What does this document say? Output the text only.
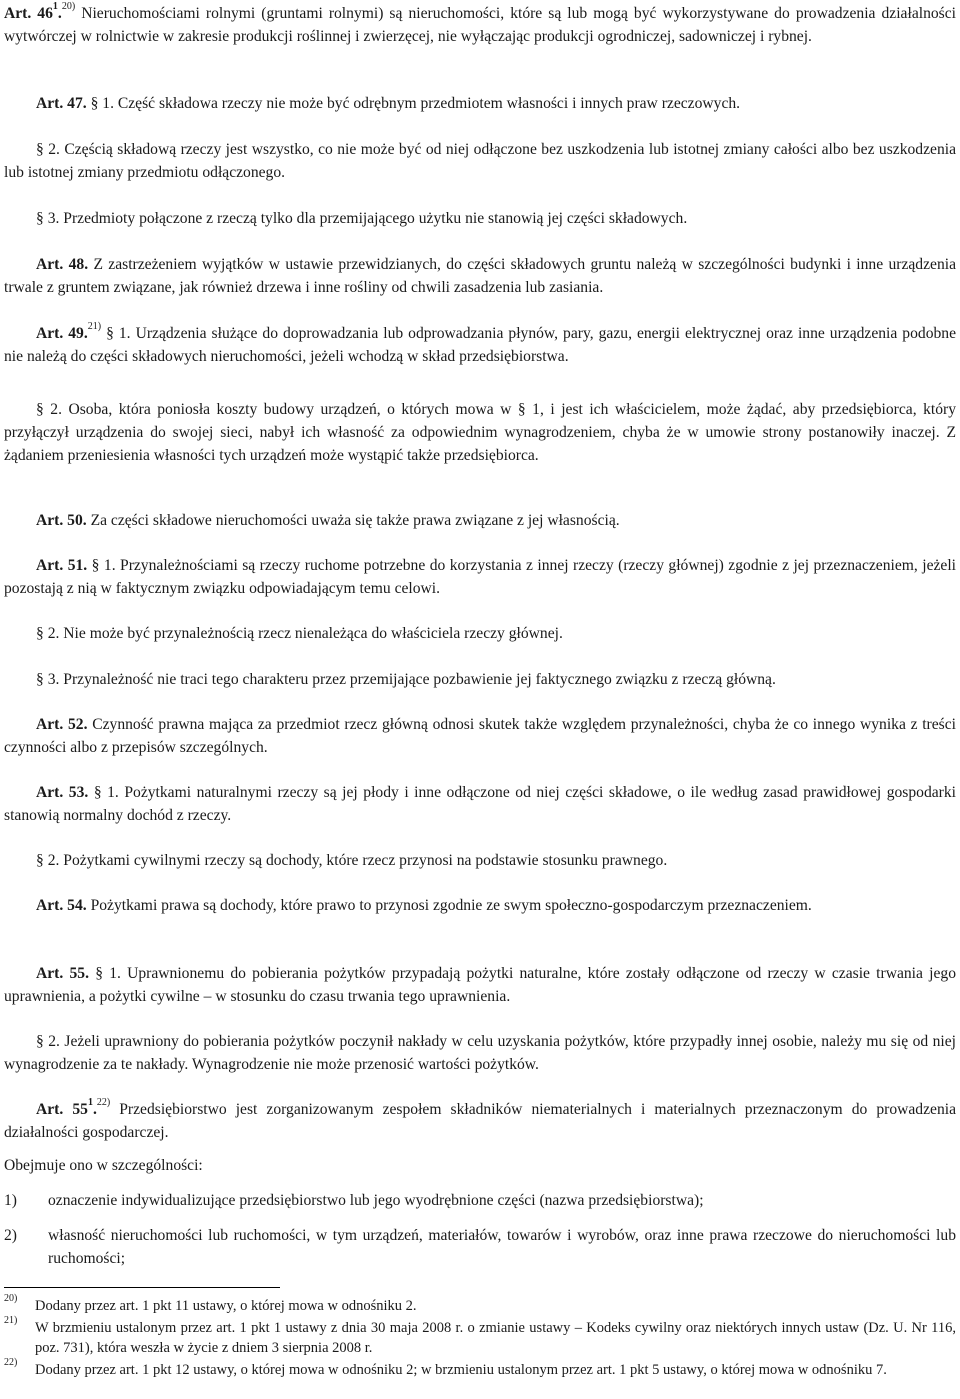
Art. $46^1.^{20)}$ Nieruchomościami rolnymi (gruntami rolnymi) są nieruchomości, które są lub mogą być wykorzystywane do prowadzenia działalności wytwórczej w rolnictwie w zakresie produkcji roślinnej i zwierzęcej, nie wyłączając produkcji ogrodniczej, sadowniczej i rybnej.

Art. 47. § 1. Część składowa rzeczy nie może być odrębnym przedmiotem własności i innych praw rzeczowych.

§ 2. Częścią składową rzeczy jest wszystko, co nie może być od niej odłączone bez uszkodzenia lub istotnej zmiany całości albo bez uszkodzenia lub istotnej zmiany przedmiotu odłączonego.

§ 3. Przedmioty połączone z rzeczą tylko dla przemijającego użytku nie stanowią jej części składowych.

Art. 48. Z zastrzeżeniem wyjątków w ustawie przewidzianych, do części składowych gruntu należą w szczególności budynki i inne urządzenia trwale z gruntem związane, jak również drzewa i inne rośliny od chwili zasadzenia lub zasiania.

Art. 49.$^{21)}$ § 1. Urządzenia służące do doprowadzania lub odprowadzania płynów, pary, gazu, energii elektrycznej oraz inne urządzenia podobne nie należą do części składowych nieruchomości, jeżeli wchodzą w skład przedsiębiorstwa.

§ 2. Osoba, która poniosła koszty budowy urządzeń, o których mowa w § 1, i jest ich właścicielem, może żądać, aby przedsiębiorca, który przyłączył urządzenia do swojej sieci, nabył ich własność za odpowiednim wynagrodzeniem, chyba że w umowie strony postanowiły inaczej. Z żądaniem przeniesienia własności tych urządzeń może wystąpić także przedsiębiorca.

Art. 50. Za części składowe nieruchomości uważa się także prawa związane z jej własnością.

Art. 51. § 1. Przynależnościami są rzeczy ruchome potrzebne do korzystania z innej rzeczy (rzeczy głównej) zgodnie z jej przeznaczeniem, jeżeli pozostają z nią w faktycznym związku odpowiadającym temu celowi.

§ 2. Nie może być przynależnością rzecz nienależąca do właściciela rzeczy głównej.

§ 3. Przynależność nie traci tego charakteru przez przemijające pozbawienie jej faktycznego związku z rzeczą główną.

Art. 52. Czynność prawna mająca za przedmiot rzecz główną odnosi skutek także względem przynależności, chyba że co innego wynika z treści czynności albo z przepisów szczególnych.

Art. 53. § 1. Pożytkami naturalnymi rzeczy są jej płody i inne odłączone od niej części składowe, o ile według zasad prawidłowej gospodarki stanowią normalny dochód z rzeczy.

§ 2. Pożytkami cywilnymi rzeczy są dochody, które rzecz przynosi na podstawie stosunku prawnego.

Art. 54. Pożytkami prawa są dochody, które prawo to przynosi zgodnie ze swym społeczno-gospodarczym przeznaczeniem.

Art. 55. § 1. Uprawnionemu do pobierania pożytków przypadają pożytki naturalne, które zostały odłączone od rzeczy w czasie trwania jego uprawnienia, a pożytki cywilne – w stosunku do czasu trwania tego uprawnienia.

§ 2. Jeżeli uprawniony do pobierania pożytków poczynił nakłady w celu uzyskania pożytków, które przypadły innej osobie, należy mu się od niej wynagrodzenie za te nakłady. Wynagrodzenie nie może przenosić wartości pożytków.

Art. $55^1.^{22)}$ Przedsiębiorstwo jest zorganizowanym zespołem składników niematerialnych i materialnych przeznaczonym do prowadzenia działalności gospodarczej.

Obejmuje ono w szczególności:

1) oznaczenie indywidualizujące przedsiębiorstwo lub jego wyodrębnione części (nazwa przedsiębiorstwa);
2) własność nieruchomości lub ruchomości, w tym urządzeń, materiałów, towarów i wyrobów, oraz inne prawa rzeczowe do nieruchomości lub ruchomości;
20) Dodany przez art. 1 pkt 11 ustawy, o której mowa w odnośniku 2.
21) W brzmieniu ustalonym przez art. 1 pkt 1 ustawy z dnia 30 maja 2008 r. o zmianie ustawy – Kodeks cywilny oraz niektórych innych ustaw (Dz. U. Nr 116, poz. 731), która weszła w życie z dniem 3 sierpnia 2008 r.
22) Dodany przez art. 1 pkt 12 ustawy, o której mowa w odnośniku 2; w brzmieniu ustalonym przez art. 1 pkt 5 ustawy, o której mowa w odnośniku 7.
